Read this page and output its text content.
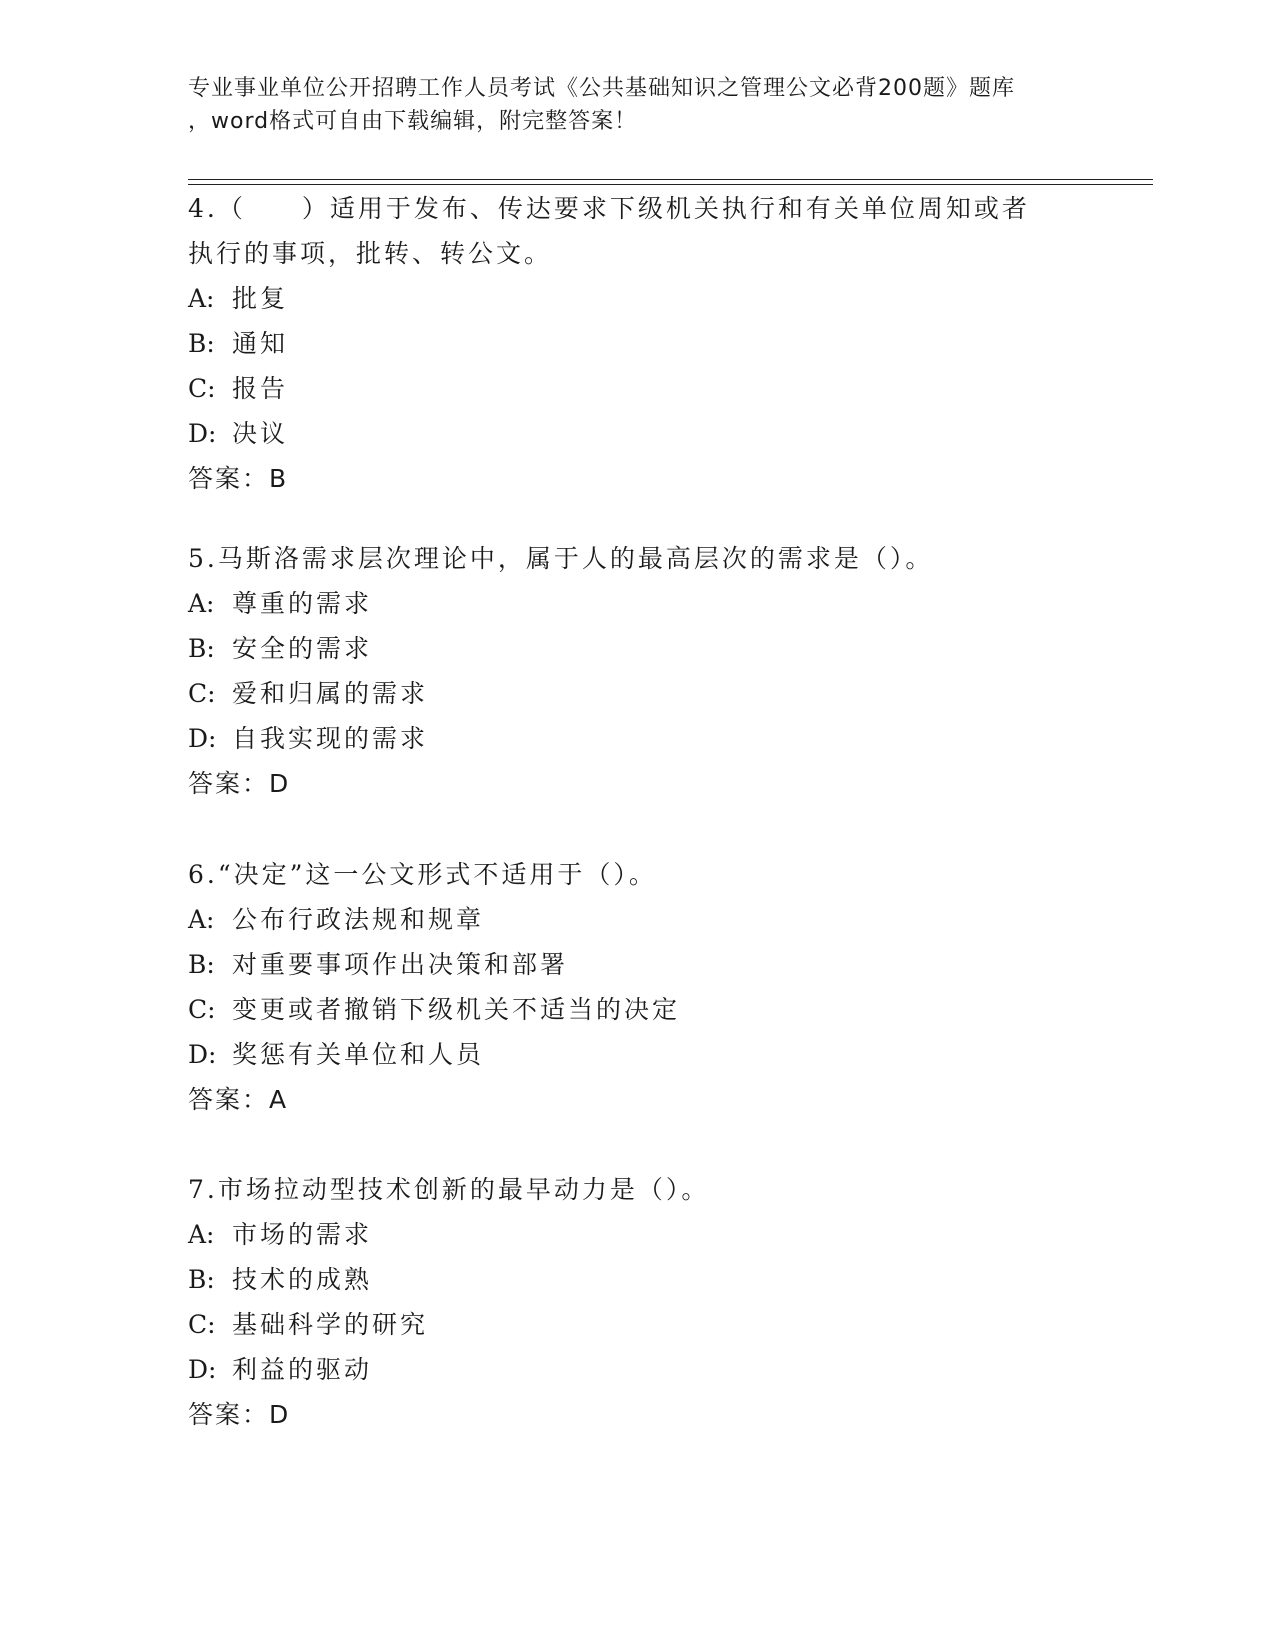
专业事业单位公开招聘工作人员考试《公共基础知识之管理公文必背200题》题库
，word格式可自由下载编辑，附完整答案！
4.（　　）适用于发布、传达要求下级机关执行和有关单位周知或者
执行的事项，批转、转公文。
A: 批复
B: 通知
C: 报告
D: 决议
答案：B
5.马斯洛需求层次理论中，属于人的最高层次的需求是（）。
A: 尊重的需求
B: 安全的需求
C: 爱和归属的需求
D: 自我实现的需求
答案：D
6.“决定”这一公文形式不适用于（）。
A: 公布行政法规和规章
B: 对重要事项作出决策和部署
C: 变更或者撤销下级机关不适当的决定
D: 奖惩有关单位和人员
答案：A
7.市场拉动型技术创新的最早动力是（）。
A: 市场的需求
B: 技术的成熟
C: 基础科学的研究
D: 利益的驱动
答案：D
